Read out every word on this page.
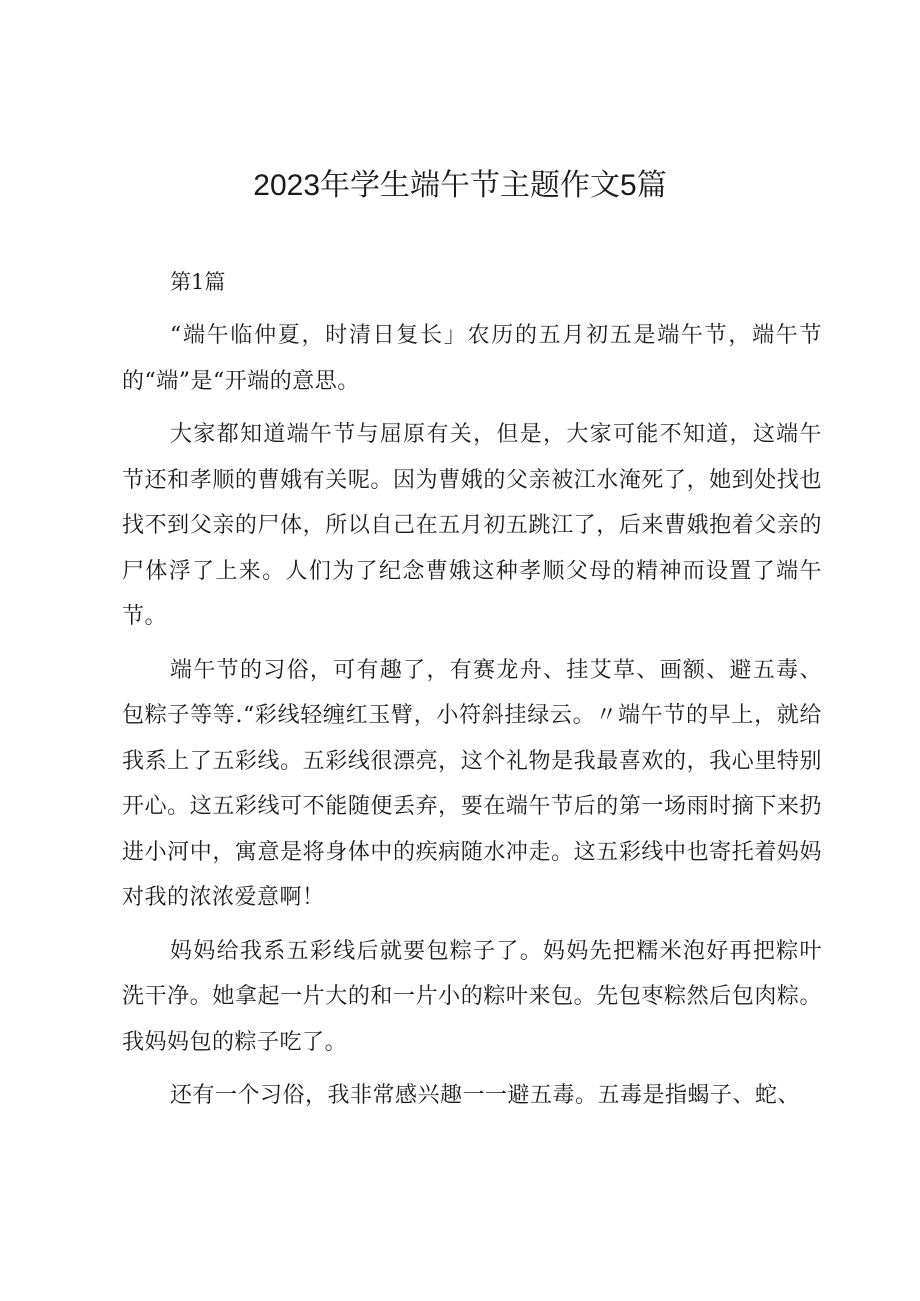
2023年学生端午节主题作文5篇
第1篇

“端午临仲夏，时清日复长」农历的五月初五是端午节，端午节的“端”是“开端的意思。

大家都知道端午节与屈原有关，但是，大家可能不知道，这端午节还和孝顺的曹娥有关呢。因为曹娥的父亲被江水淹死了，她到处找也找不到父亲的尸体，所以自己在五月初五跳江了，后来曹娥抱着父亲的尸体浮了上来。人们为了纪念曹娥这种孝顺父母的精神而设置了端午节。

端午节的习俗，可有趣了，有赛龙舟、挂艾草、画额、避五毒、包粽子等等.“彩线轻缠红玉臂，小符斜挂绿云。〃端午节的早上，就给我系上了五彩线。五彩线很漂亮，这个礼物是我最喜欢的，我心里特别开心。这五彩线可不能随便丢弃，要在端午节后的第一场雨时摘下来扔进小河中，寓意是将身体中的疾病随水冲走。这五彩线中也寄托着妈妈对我的浓浓爱意啊！

妈妈给我系五彩线后就要包粽子了。妈妈先把糯米泡好再把粽叶洗干净。她拿起一片大的和一片小的粽叶来包。先包枣粽然后包肉粽。我妈妈包的粽子吃了。

还有一个习俗，我非常感兴趣一一避五毒。五毒是指蝎子、蛇、
